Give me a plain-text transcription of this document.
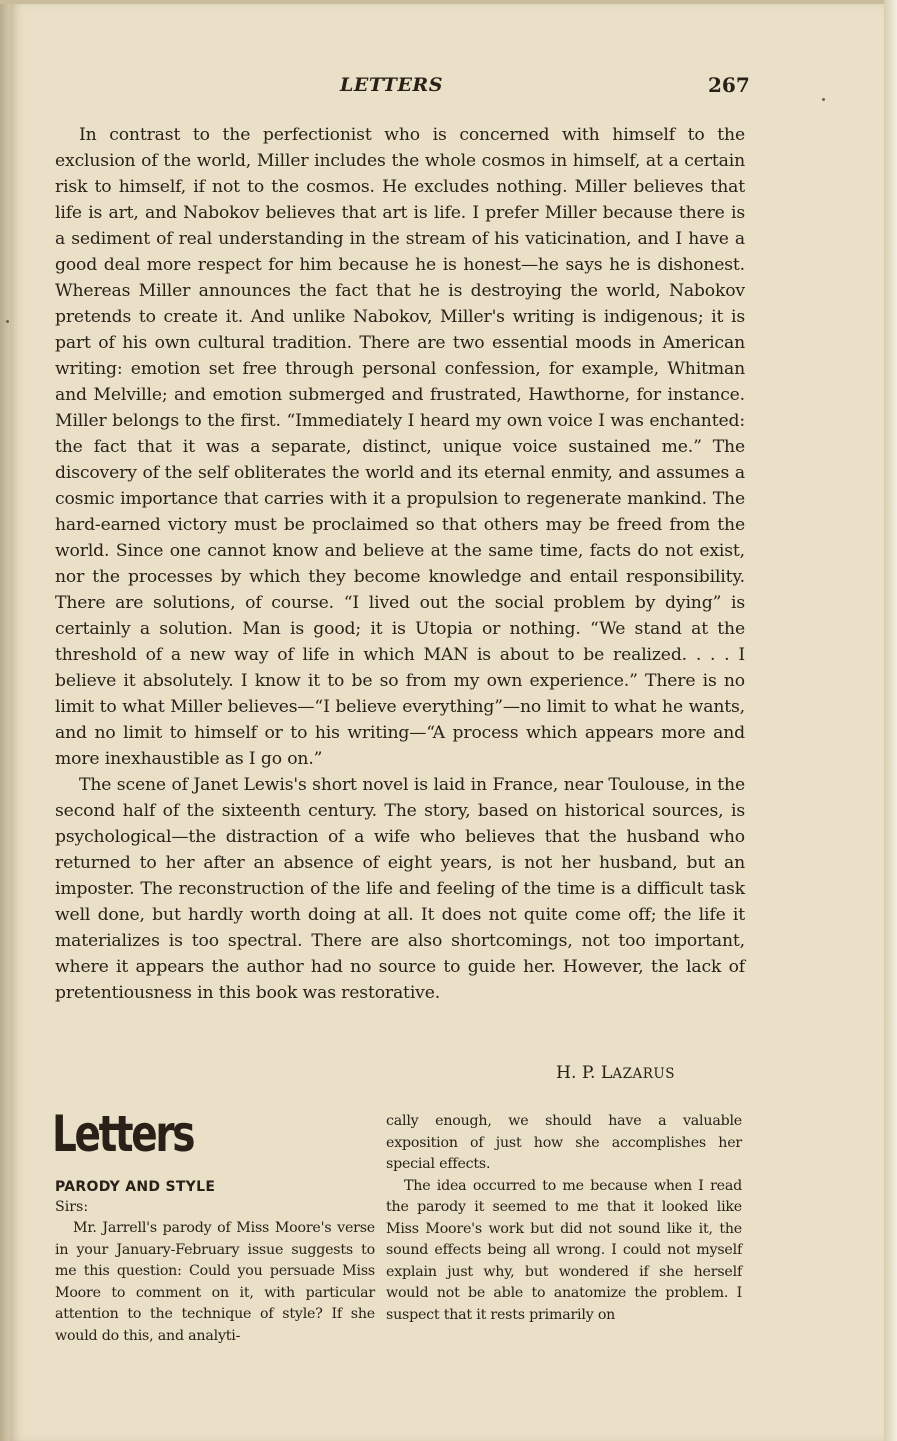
LETTERS	267

In contrast to the perfectionist who is concerned with himself to the exclusion of the world, Miller includes the whole cosmos in himself, at a certain risk to himself, if not to the cosmos. He excludes nothing. Miller believes that life is art, and Nabokov believes that art is life. I prefer Miller because there is a sediment of real understanding in the stream of his vaticination, and I have a good deal more respect for him because he is honest—he says he is dishonest. Whereas Miller announces the fact that he is destroying the world, Nabokov pretends to create it. And unlike Nabokov, Miller's writing is indigenous; it is part of his own cultural tradition. There are two essential moods in American writing: emotion set free through personal confession, for example, Whitman and Melville; and emotion submerged and frustrated, Hawthorne, for instance. Miller belongs to the first. “Immediately I heard my own voice I was enchanted: the fact that it was a separate, distinct, unique voice sustained me.” The discovery of the self obliterates the world and its eternal enmity, and assumes a cosmic importance that carries with it a propulsion to regenerate mankind. The hard-earned victory must be proclaimed so that others may be freed from the world. Since one cannot know and believe at the same time, facts do not exist, nor the processes by which they become knowledge and entail responsibility. There are solutions, of course. “I lived out the social problem by dying” is certainly a solution. Man is good; it is Utopia or nothing. “We stand at the threshold of a new way of life in which MAN is about to be realized. . . . I believe it absolutely. I know it to be so from my own experience.” There is no limit to what Miller believes—“I believe everything”—no limit to what he wants, and no limit to himself or to his writing—“A process which appears more and more inexhaustible as I go on.”

The scene of Janet Lewis's short novel is laid in France, near Toulouse, in the second half of the sixteenth century. The story, based on historical sources, is psychological—the distraction of a wife who believes that the husband who returned to her after an absence of eight years, is not her husband, but an imposter. The reconstruction of the life and feeling of the time is a difficult task well done, but hardly worth doing at all. It does not quite come off; the life it materializes is too spectral. There are also shortcomings, not too important, where it appears the author had no source to guide her. However, the lack of pretentiousness in this book was restorative.

H. P. LAZARUS
Letters
PARODY AND STYLE
Sirs:

Mr. Jarrell's parody of Miss Moore's verse in your January-February issue suggests to me this question: Could you persuade Miss Moore to comment on it, with particular attention to the technique of style? If she would do this, and analyti-

cally enough, we should have a valuable exposition of just how she accomplishes her special effects.

The idea occurred to me because when I read the parody it seemed to me that it looked like Miss Moore's work but did not sound like it, the sound effects being all wrong. I could not myself explain just why, but wondered if she herself would not be able to anatomize the problem. I suspect that it rests primarily on
